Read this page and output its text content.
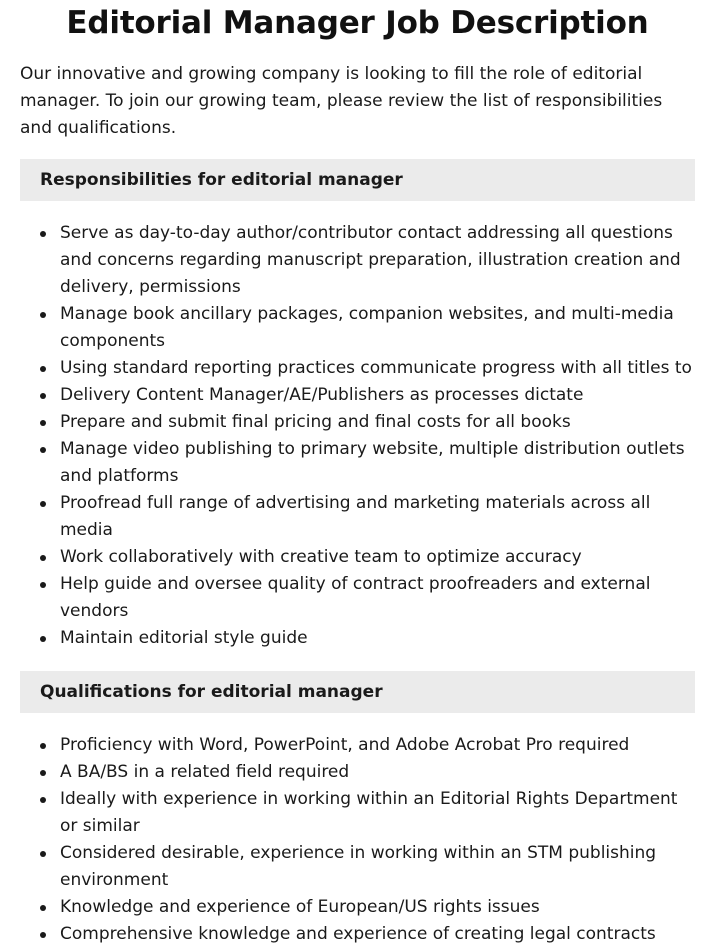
Editorial Manager Job Description

Our innovative and growing company is looking to fill the role of editorial manager. To join our growing team, please review the list of responsibilities and qualifications.

Responsibilities for editorial manager
Serve as day-to-day author/contributor contact addressing all questions and concerns regarding manuscript preparation, illustration creation and delivery, permissions
Manage book ancillary packages, companion websites, and multi-media components
Using standard reporting practices communicate progress with all titles to
Delivery Content Manager/AE/Publishers as processes dictate
Prepare and submit final pricing and final costs for all books
Manage video publishing to primary website, multiple distribution outlets and platforms
Proofread full range of advertising and marketing materials across all media
Work collaboratively with creative team to optimize accuracy
Help guide and oversee quality of contract proofreaders and external vendors
Maintain editorial style guide
Qualifications for editorial manager
Proficiency with Word, PowerPoint, and Adobe Acrobat Pro required
A BA/BS in a related field required
Ideally with experience in working within an Editorial Rights Department or similar
Considered desirable, experience in working within an STM publishing environment
Knowledge and experience of European/US rights issues
Comprehensive knowledge and experience of creating legal contracts
